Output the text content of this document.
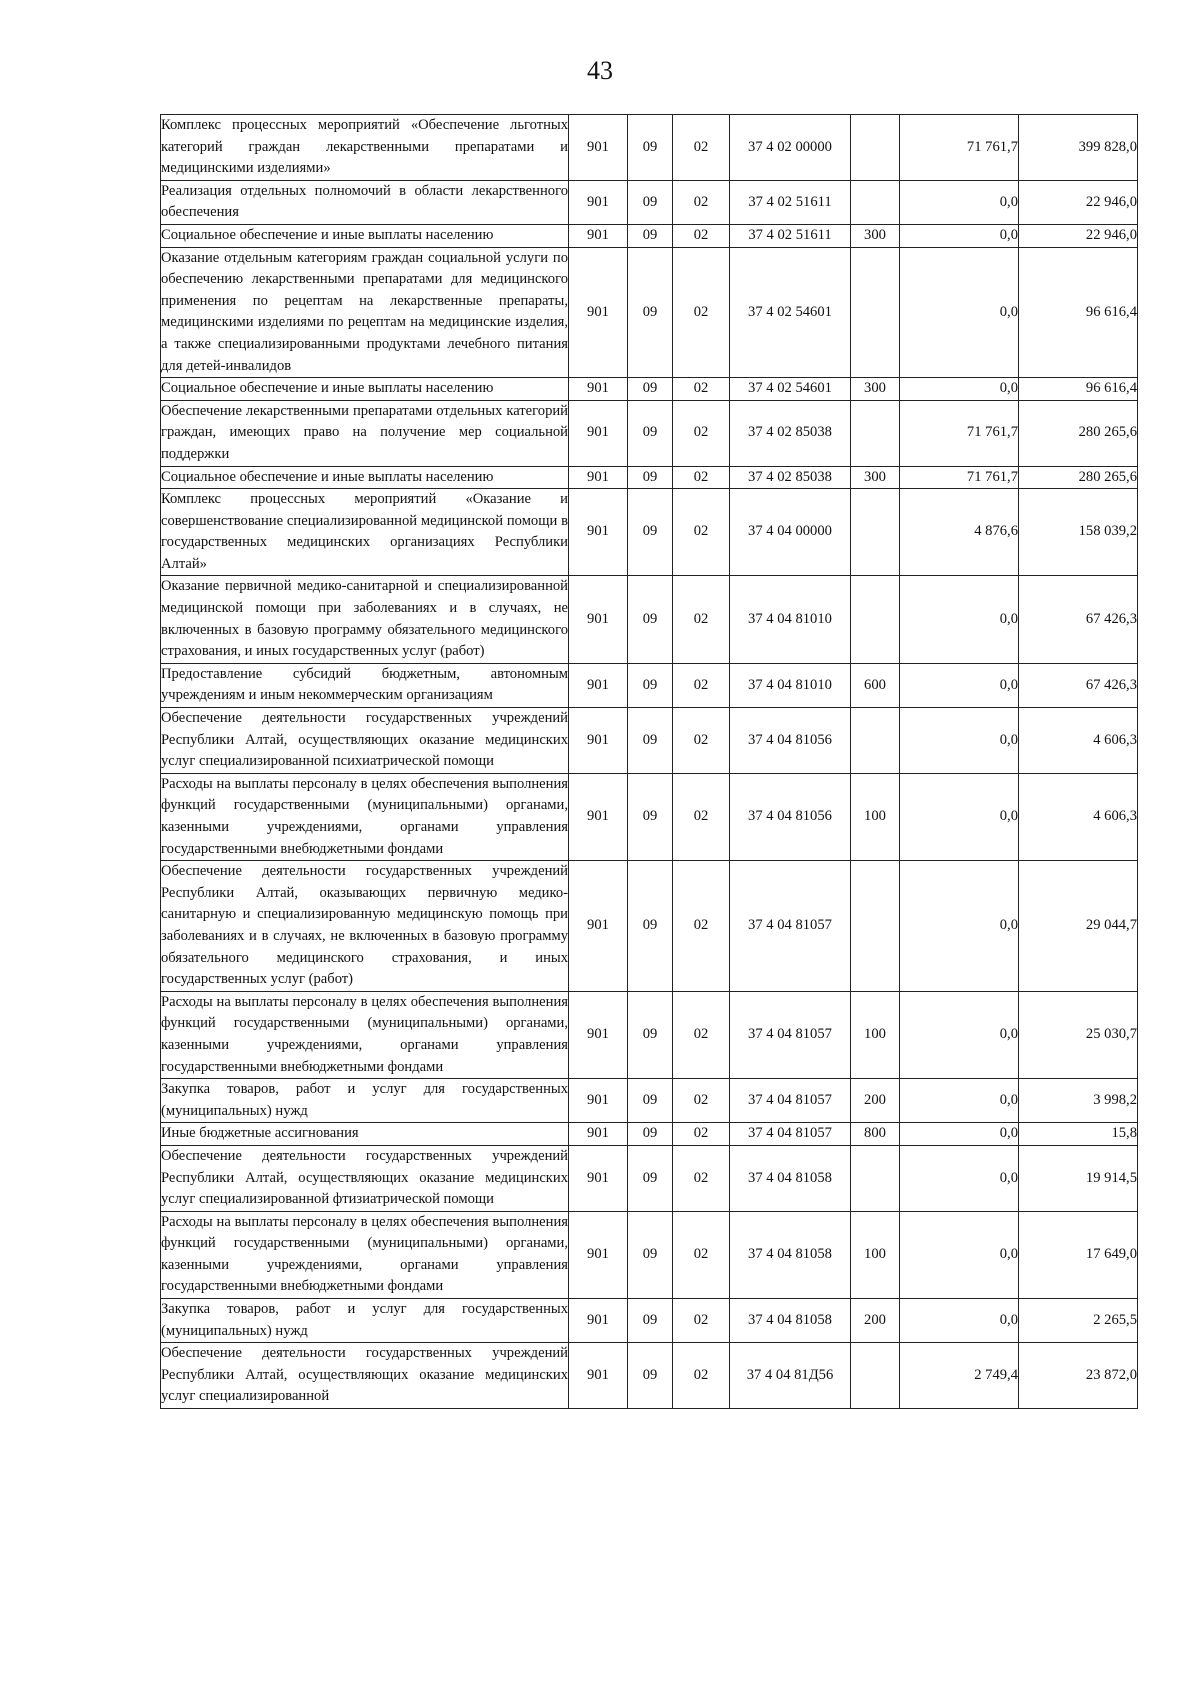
43
Комплекс процессных мероприятий «Обеспечение льготных категорий граждан лекарственными препаратами и медицинскими изделиями»	901	09	02	37 4 02 00000		71 761,7	399 828,0
Реализация отдельных полномочий в области лекарственного обеспечения	901	09	02	37 4 02 51611		0,0	22 946,0
Социальное обеспечение и иные выплаты населению	901	09	02	37 4 02 51611	300	0,0	22 946,0
Оказание отдельным категориям граждан социальной услуги по обеспечению лекарственными препаратами для медицинского применения по рецептам на лекарственные препараты, медицинскими изделиями по рецептам на медицинские изделия, а также специализированными продуктами лечебного питания для детей-инвалидов	901	09	02	37 4 02 54601		0,0	96 616,4
Социальное обеспечение и иные выплаты населению	901	09	02	37 4 02 54601	300	0,0	96 616,4
Обеспечение лекарственными препаратами отдельных категорий граждан, имеющих право на получение мер социальной поддержки	901	09	02	37 4 02 85038		71 761,7	280 265,6
Социальное обеспечение и иные выплаты населению	901	09	02	37 4 02 85038	300	71 761,7	280 265,6
Комплекс процессных мероприятий «Оказание и совершенствование специализированной медицинской помощи в государственных медицинских организациях Республики Алтай»	901	09	02	37 4 04 00000		4 876,6	158 039,2
Оказание первичной медико-санитарной и специализированной медицинской помощи при заболеваниях и в случаях, не включенных в базовую программу обязательного медицинского страхования, и иных государственных услуг (работ)	901	09	02	37 4 04 81010		0,0	67 426,3
Предоставление субсидий бюджетным, автономным учреждениям и иным некоммерческим организациям	901	09	02	37 4 04 81010	600	0,0	67 426,3
Обеспечение деятельности государственных учреждений Республики Алтай, осуществляющих оказание медицинских услуг специализированной психиатрической помощи	901	09	02	37 4 04 81056		0,0	4 606,3
Расходы на выплаты персоналу в целях обеспечения выполнения функций государственными (муниципальными) органами, казенными учреждениями, органами управления государственными внебюджетными фондами	901	09	02	37 4 04 81056	100	0,0	4 606,3
Обеспечение деятельности государственных учреждений Республики Алтай, оказывающих первичную медико-санитарную и специализированную медицинскую помощь при заболеваниях и в случаях, не включенных в базовую программу обязательного медицинского страхования, и иных государственных услуг (работ)	901	09	02	37 4 04 81057		0,0	29 044,7
Расходы на выплаты персоналу в целях обеспечения выполнения функций государственными (муниципальными) органами, казенными учреждениями, органами управления государственными внебюджетными фондами	901	09	02	37 4 04 81057	100	0,0	25 030,7
Закупка товаров, работ и услуг для государственных (муниципальных) нужд	901	09	02	37 4 04 81057	200	0,0	3 998,2
Иные бюджетные ассигнования	901	09	02	37 4 04 81057	800	0,0	15,8
Обеспечение деятельности государственных учреждений Республики Алтай, осуществляющих оказание медицинских услуг специализированной фтизиатрической помощи	901	09	02	37 4 04 81058		0,0	19 914,5
Расходы на выплаты персоналу в целях обеспечения выполнения функций государственными (муниципальными) органами, казенными учреждениями, органами управления государственными внебюджетными фондами	901	09	02	37 4 04 81058	100	0,0	17 649,0
Закупка товаров, работ и услуг для государственных (муниципальных) нужд	901	09	02	37 4 04 81058	200	0,0	2 265,5
Обеспечение деятельности государственных учреждений Республики Алтай, осуществляющих оказание медицинских услуг специализированной	901	09	02	37 4 04 81Д56		2 749,4	23 872,0
